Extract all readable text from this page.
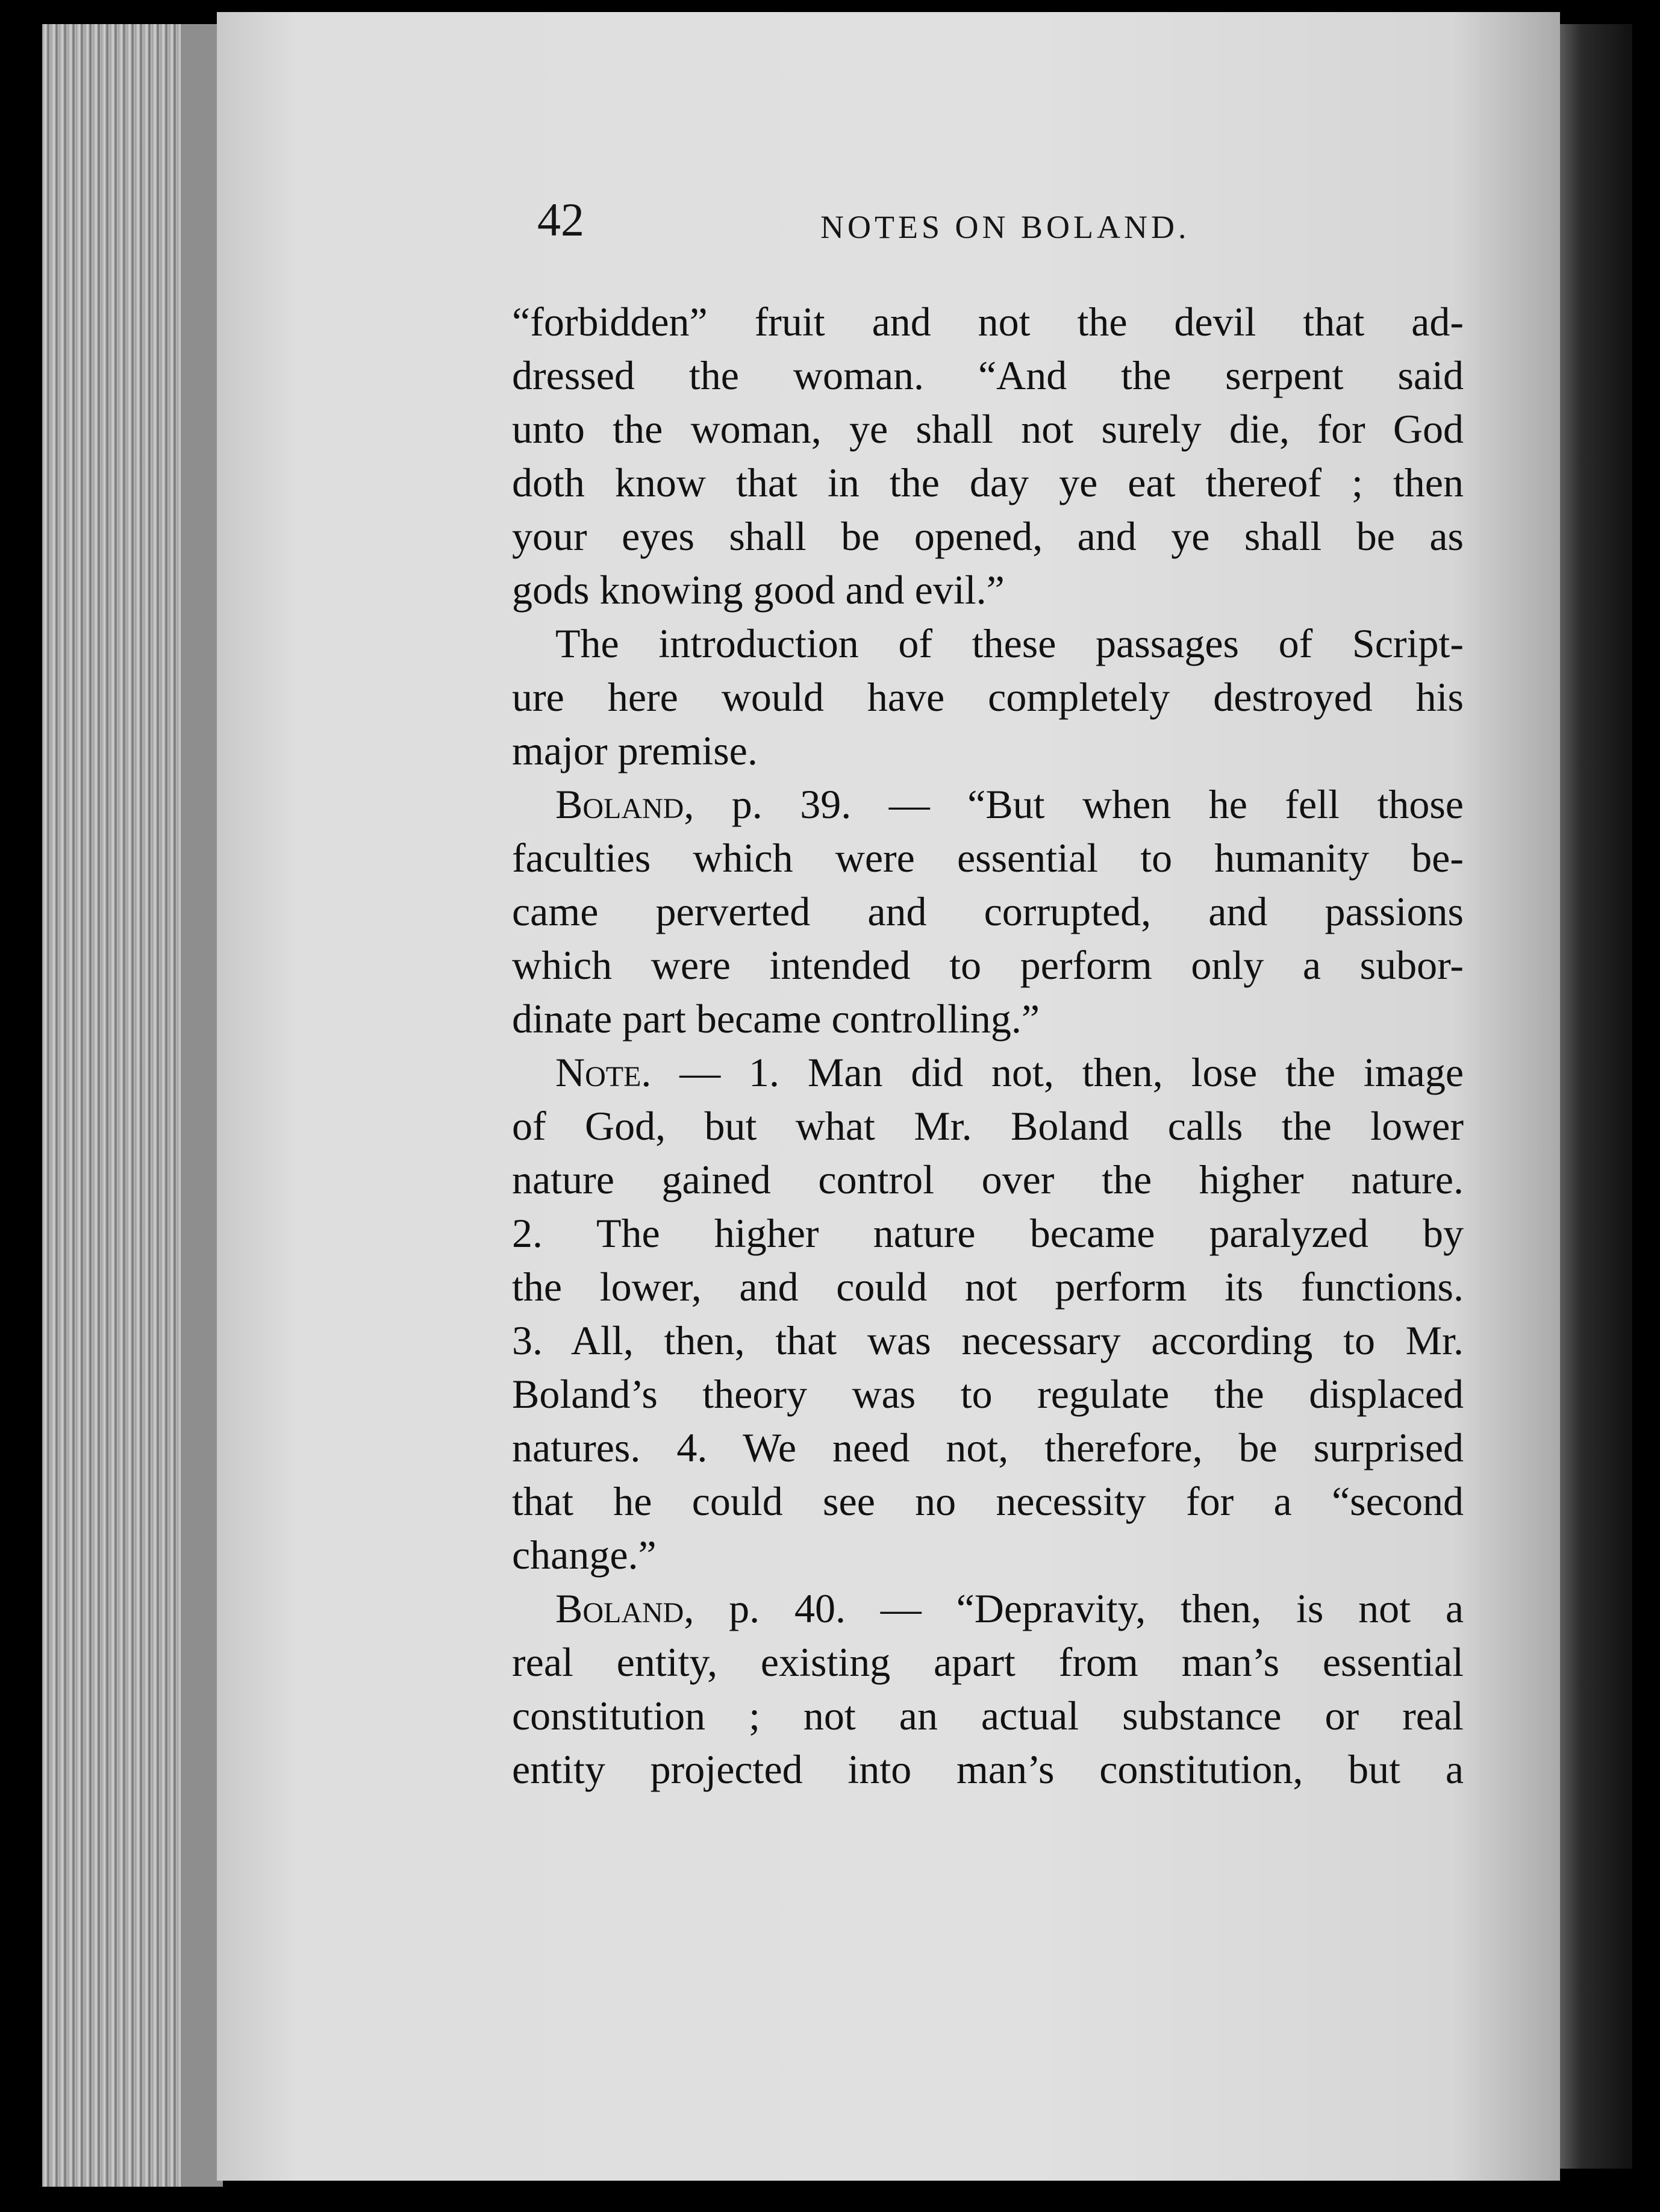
42	NOTES ON BOLAND.
“forbidden” fruit and not the devil that ad-
dressed the woman. “And the serpent said
unto the woman, ye shall not surely die, for God
doth know that in the day ye eat thereof ; then
your eyes shall be opened, and ye shall be as
gods knowing good and evil.”
The introduction of these passages of Script-
ure here would have completely destroyed his
major premise.
Boland, p. 39. — “But when he fell those
faculties which were essential to humanity be-
came perverted and corrupted, and passions
which were intended to perform only a subor-
dinate part became controlling.”
Note. — 1. Man did not, then, lose the image
of God, but what Mr. Boland calls the lower
nature gained control over the higher nature.
2. The higher nature became paralyzed by
the lower, and could not perform its functions.
3. All, then, that was necessary according to Mr.
Boland’s theory was to regulate the displaced
natures. 4. We need not, therefore, be surprised
that he could see no necessity for a “second
change.”
Boland, p. 40. — “Depravity, then, is not a
real entity, existing apart from man’s essential
constitution ; not an actual substance or real
entity projected into man’s constitution, but a
